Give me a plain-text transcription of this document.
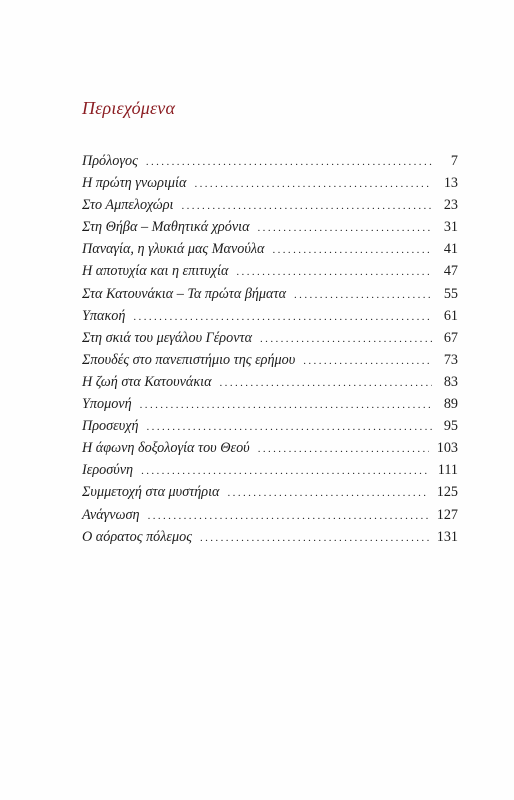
Περιεχόμενα
Πρόλογος .....	7
Η πρώτη γνωριμία .....	13
Στο Αμπελοχώρι .....	23
Στη Θήβα – Μαθητικά χρόνια .....	31
Παναγία, η γλυκιά μας Μανούλα .....	41
Η αποτυχία και η επιτυχία .....	47
Στα Κατουνάκια – Τα πρώτα βήματα .....	55
Υπακοή .....	61
Στη σκιά του μεγάλου Γέροντα .....	67
Σπουδές στο πανεπιστήμιο της ερήμου .....	73
Η ζωή στα Κατουνάκια .....	83
Υπομονή .....	89
Προσευχή .....	95
Η άφωνη δοξολογία του Θεού .....	103
Ιεροσύνη .....	111
Συμμετοχή στα μυστήρια .....	125
Ανάγνωση .....	127
Ο αόρατος πόλεμος .....	131
